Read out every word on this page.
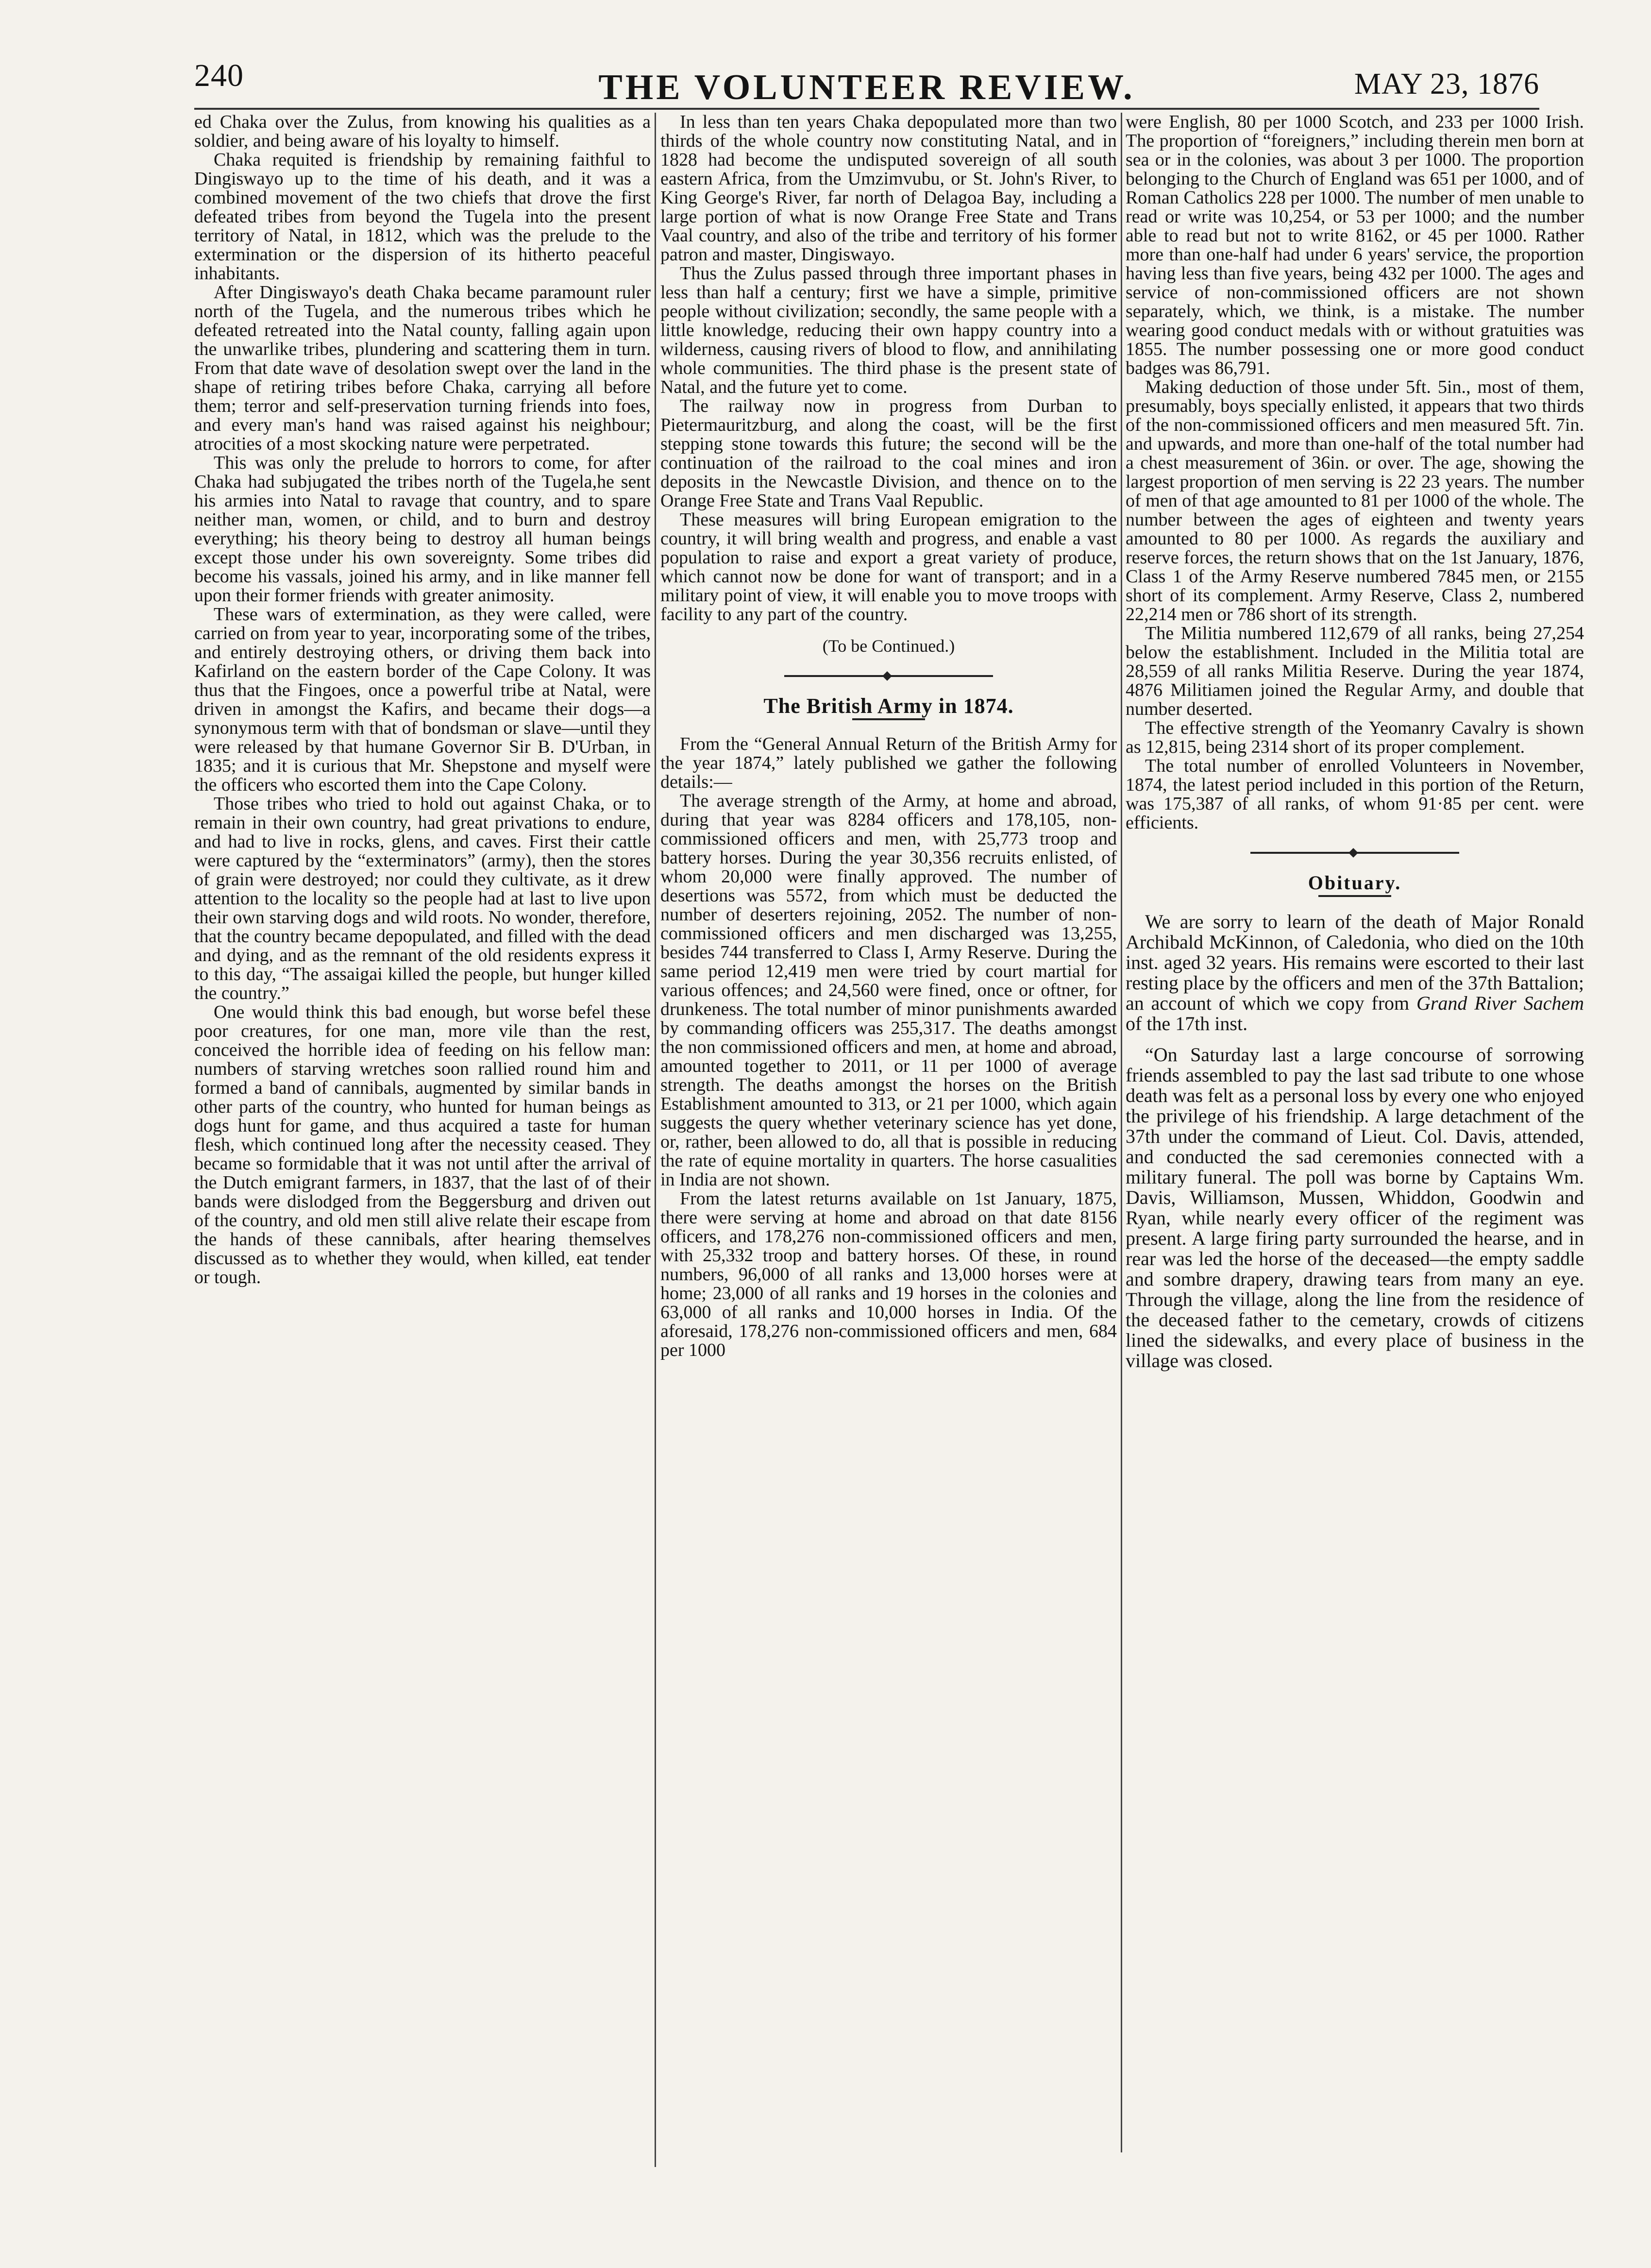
240	THE VOLUNTEER REVIEW.	MAY 23, 1876

ed Chaka over the Zulus, from knowing his qualities as a soldier, and being aware of his loyalty to himself.

Chaka requited is friendship by remaining faithful to Dingiswayo up to the time of his death, and it was a combined movement of the two chiefs that drove the first defeated tribes from beyond the Tugela into the present territory of Natal, in 1812, which was the prelude to the extermination or the dispersion of its hitherto peaceful inhabitants.

After Dingiswayo's death Chaka became paramount ruler north of the Tugela, and the numerous tribes which he defeated retreated into the Natal county, falling again upon the unwarlike tribes, plundering and scattering them in turn. From that date wave of desolation swept over the land in the shape of retiring tribes before Chaka, carrying all before them; terror and self-preservation turning friends into foes, and every man's hand was raised against his neighbour; atrocities of a most skocking nature were perpetrated.

This was only the prelude to horrors to come, for after Chaka had subjugated the tribes north of the Tugela,he sent his armies into Natal to ravage that country, and to spare neither man, women, or child, and to burn and destroy everything; his theory being to destroy all human beings except those under his own sovereignty. Some tribes did become his vassals, joined his army, and in like manner fell upon their former friends with greater animosity.

These wars of extermination, as they were called, were carried on from year to year, incorporating some of the tribes, and entirely destroying others, or driving them back into Kafirland on the eastern border of the Cape Colony. It was thus that the Fingoes, once a powerful tribe at Natal, were driven in amongst the Kafirs, and became their dogs—a synonymous term with that of bondsman or slave—until they were released by that humane Governor Sir B. D'Urban, in 1835; and it is curious that Mr. Shepstone and myself were the officers who escorted them into the Cape Colony.

Those tribes who tried to hold out against Chaka, or to remain in their own country, had great privations to endure, and had to live in rocks, glens, and caves. First their cattle were captured by the “exterminators” (army), then the stores of grain were destroyed; nor could they cultivate, as it drew attention to the locality so the people had at last to live upon their own starving dogs and wild roots. No wonder, therefore, that the country became depopulated, and filled with the dead and dying, and as the remnant of the old residents express it to this day, “The assaigai killed the people, but hunger killed the country.”

One would think this bad enough, but worse befel these poor creatures, for one man, more vile than the rest, conceived the horrible idea of feeding on his fellow man: numbers of starving wretches soon rallied round him and formed a band of cannibals, augmented by similar bands in other parts of the country, who hunted for human beings as dogs hunt for game, and thus acquired a taste for human flesh, which continued long after the necessity ceased. They became so formidable that it was not until after the arrival of the Dutch emigrant farmers, in 1837, that the last of of their bands were dislodged from the Beggersburg and driven out of the country, and old men still alive relate their escape from the hands of these cannibals, after hearing themselves discussed as to whether they would, when killed, eat tender or tough.

In less than ten years Chaka depopulated more than two thirds of the whole country now constituting Natal, and in 1828 had become the undisputed sovereign of all south eastern Africa, from the Umzimvubu, or St. John's River, to King George's River, far north of Delagoa Bay, including a large portion of what is now Orange Free State and Trans Vaal country, and also of the tribe and territory of his former patron and master, Dingiswayo.

Thus the Zulus passed through three important phases in less than half a century; first we have a simple, primitive people without civilization; secondly, the same people with a little knowledge, reducing their own happy country into a wilderness, causing rivers of blood to flow, and annihilating whole communities. The third phase is the present state of Natal, and the future yet to come.

The railway now in progress from Durban to Pietermauritzburg, and along the coast, will be the first stepping stone towards this future; the second will be the continuation of the railroad to the coal mines and iron deposits in the Newcastle Division, and thence on to the Orange Free State and Trans Vaal Republic.

These measures will bring European emigration to the country, it will bring wealth and progress, and enable a vast population to raise and export a great variety of produce, which cannot now be done for want of transport; and in a military point of view, it will enable you to move troops with facility to any part of the country.

(To be Continued.)

The British Army in 1874.

From the “General Annual Return of the British Army for the year 1874,” lately published we gather the following details:—

The average strength of the Army, at home and abroad, during that year was 8284 officers and 178,105, non-commissioned officers and men, with 25,773 troop and battery horses. During the year 30,356 recruits enlisted, of whom 20,000 were finally approved. The number of desertions was 5572, from which must be deducted the number of deserters rejoining, 2052. The number of non-commissioned officers and men discharged was 13,255, besides 744 transferred to Class I, Army Reserve. During the same period 12,419 men were tried by court martial for various offences; and 24,560 were fined, once or oftner, for drunkeness. The total number of minor punishments awarded by commanding officers was 255,317. The deaths amongst the non commissioned officers and men, at home and abroad, amounted together to 2011, or 11 per 1000 of average strength. The deaths amongst the horses on the British Establishment amounted to 313, or 21 per 1000, which again suggests the query whether veterinary science has yet done, or, rather, been allowed to do, all that is possible in reducing the rate of equine mortality in quarters. The horse casualities in India are not shown.

From the latest returns available on 1st January, 1875, there were serving at home and abroad on that date 8156 officers, and 178,276 non-commissioned officers and men, with 25,332 troop and battery horses. Of these, in round numbers, 96,000 of all ranks and 13,000 horses were at home; 23,000 of all ranks and 19 horses in the colonies and 63,000 of all ranks and 10,000 horses in India. Of the aforesaid, 178,276 non-commissioned officers and men, 684 per 1000

were English, 80 per 1000 Scotch, and 233 per 1000 Irish. The proportion of “foreigners,” including therein men born at sea or in the colonies, was about 3 per 1000. The proportion belonging to the Church of England was 651 per 1000, and of Roman Catholics 228 per 1000. The number of men unable to read or write was 10,254, or 53 per 1000; and the number able to read but not to write 8162, or 45 per 1000. Rather more than one-half had under 6 years' service, the proportion having less than five years, being 432 per 1000. The ages and service of non-commissioned officers are not shown separately, which, we think, is a mistake. The number wearing good conduct medals with or without gratuities was 1855. The number possessing one or more good conduct badges was 86,791.

Making deduction of those under 5ft. 5in., most of them, presumably, boys specially enlisted, it appears that two thirds of the non-commissioned officers and men measured 5ft. 7in. and upwards, and more than one-half of the total number had a chest measurement of 36in. or over. The age, showing the largest proportion of men serving is 22 23 years. The number of men of that age amounted to 81 per 1000 of the whole. The number between the ages of eighteen and twenty years amounted to 80 per 1000. As regards the auxiliary and reserve forces, the return shows that on the 1st January, 1876, Class 1 of the Army Reserve numbered 7845 men, or 2155 short of its complement. Army Reserve, Class 2, numbered 22,214 men or 786 short of its strength.

The Militia numbered 112,679 of all ranks, being 27,254 below the establishment. Included in the Militia total are 28,559 of all ranks Militia Reserve. During the year 1874, 4876 Militiamen joined the Regular Army, and double that number deserted.

The effective strength of the Yeomanry Cavalry is shown as 12,815, being 2314 short of its proper complement.

The total number of enrolled Volunteers in November, 1874, the latest period included in this portion of the Return, was 175,387 of all ranks, of whom 91·85 per cent. were efficients.

Obituary.

We are sorry to learn of the death of Major Ronald Archibald McKinnon, of Caledonia, who died on the 10th inst. aged 32 years. His remains were escorted to their last resting place by the officers and men of the 37th Battalion; an account of which we copy from Grand River Sachem of the 17th inst.

“On Saturday last a large concourse of sorrowing friends assembled to pay the last sad tribute to one whose death was felt as a personal loss by every one who enjoyed the privilege of his friendship. A large detachment of the 37th under the command of Lieut. Col. Davis, attended, and conducted the sad ceremonies connected with a military funeral. The poll was borne by Captains Wm. Davis, Williamson, Mussen, Whiddon, Goodwin and Ryan, while nearly every officer of the regiment was present. A large firing party surrounded the hearse, and in rear was led the horse of the deceased—the empty saddle and sombre drapery, drawing tears from many an eye. Through the village, along the line from the residence of the deceased father to the cemetary, crowds of citizens lined the sidewalks, and every place of business in the village was closed.
